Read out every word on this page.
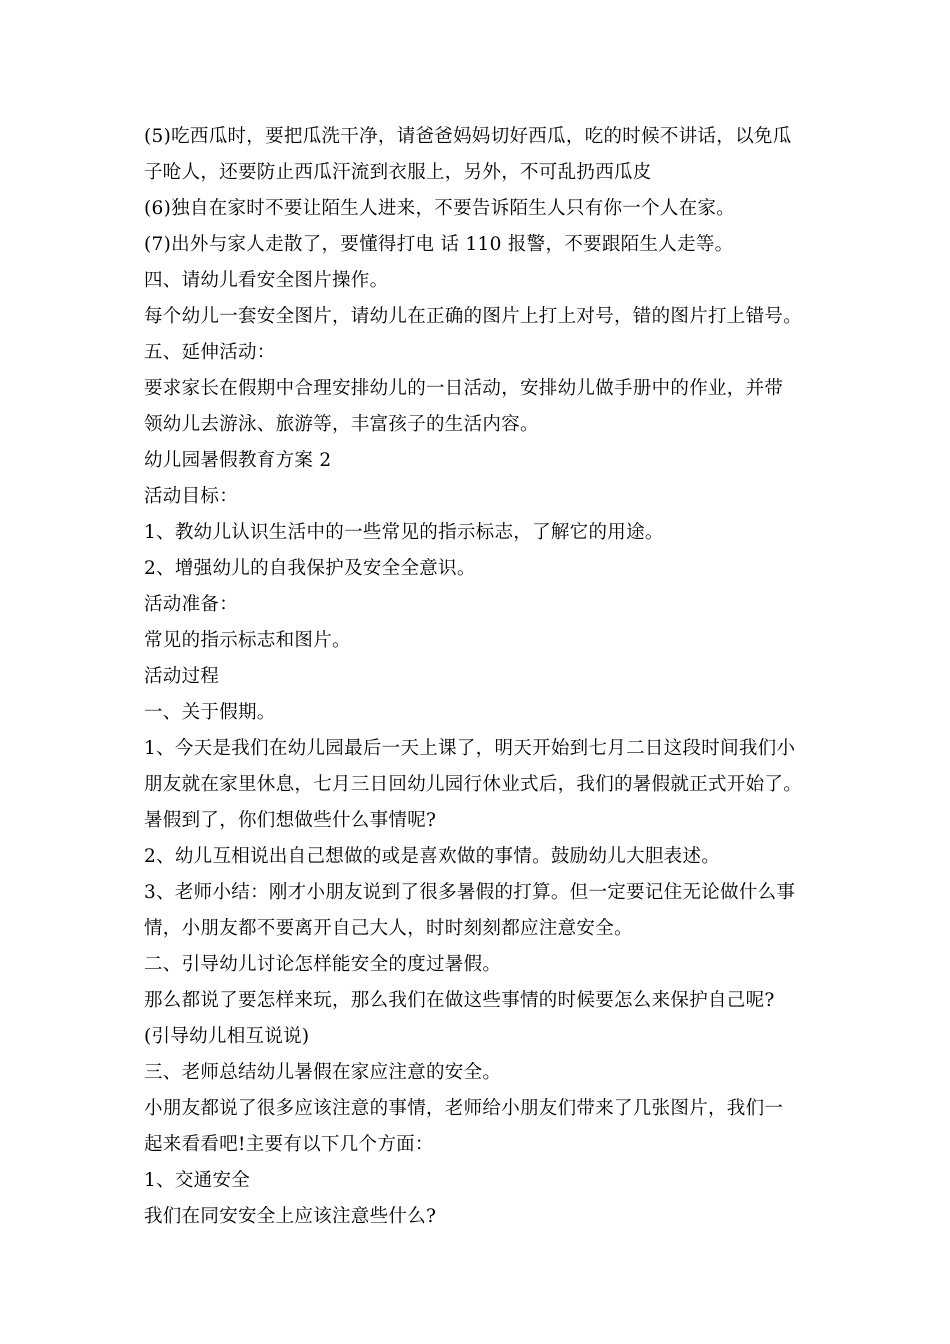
(5)吃西瓜时，要把瓜洗干净，请爸爸妈妈切好西瓜，吃的时候不讲话，以免瓜
子呛人，还要防止西瓜汗流到衣服上，另外，不可乱扔西瓜皮
(6)独自在家时不要让陌生人进来，不要告诉陌生人只有你一个人在家。
(7)出外与家人走散了，要懂得打电 话 110 报警，不要跟陌生人走等。
四、请幼儿看安全图片操作。
每个幼儿一套安全图片，请幼儿在正确的图片上打上对号，错的图片打上错号。
五、延伸活动：
要求家长在假期中合理安排幼儿的一日活动，安排幼儿做手册中的作业，并带
领幼儿去游泳、旅游等，丰富孩子的生活内容。
幼儿园暑假教育方案 2
活动目标：
1、教幼儿认识生活中的一些常见的指示标志，了解它的用途。
2、增强幼儿的自我保护及安全全意识。
活动准备：
常见的指示标志和图片。
活动过程
一、关于假期。
1、今天是我们在幼儿园最后一天上课了，明天开始到七月二日这段时间我们小
朋友就在家里休息，七月三日回幼儿园行休业式后，我们的暑假就正式开始了。
暑假到了，你们想做些什么事情呢?
2、幼儿互相说出自己想做的或是喜欢做的事情。鼓励幼儿大胆表述。
3、老师小结：刚才小朋友说到了很多暑假的打算。但一定要记住无论做什么事
情，小朋友都不要离开自己大人，时时刻刻都应注意安全。
二、引导幼儿讨论怎样能安全的度过暑假。
那么都说了要怎样来玩，那么我们在做这些事情的时候要怎么来保护自己呢?
(引导幼儿相互说说)
三、老师总结幼儿暑假在家应注意的安全。
小朋友都说了很多应该注意的事情，老师给小朋友们带来了几张图片，我们一
起来看看吧!主要有以下几个方面：
1、交通安全
我们在同安安全上应该注意些什么?
